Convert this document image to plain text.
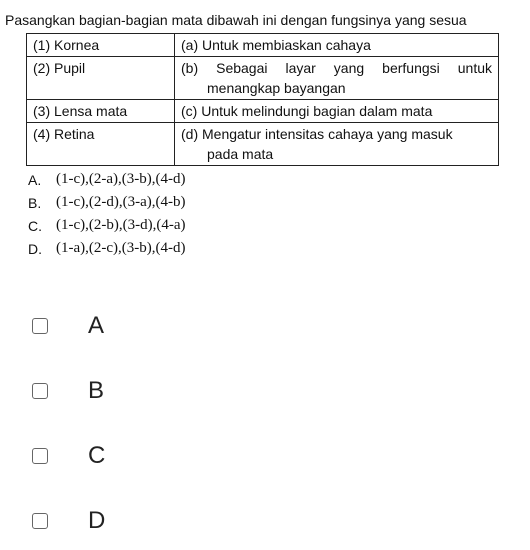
Pasangkan bagian-bagian mata dibawah ini dengan fungsinya yang sesua
(1) Kornea	(a) Untuk membiaskan cahaya
(2) Pupil	(b) Sebagai layar yang berfungsi untuk
menangkap bayangan

(3) Lensa mata	(c) Untuk melindungi bagian dalam mata
(4) Retina	(d) Mengatur intensitas cahaya yang masuk
pada mata
A. (1-c),(2-a),(3-b),(4-d)
B. (1-c),(2-d),(3-a),(4-b)
C. (1-c),(2-b),(3-d),(4-a)
D. (1-a),(2-c),(3-b),(4-d)
A
B
C
D
